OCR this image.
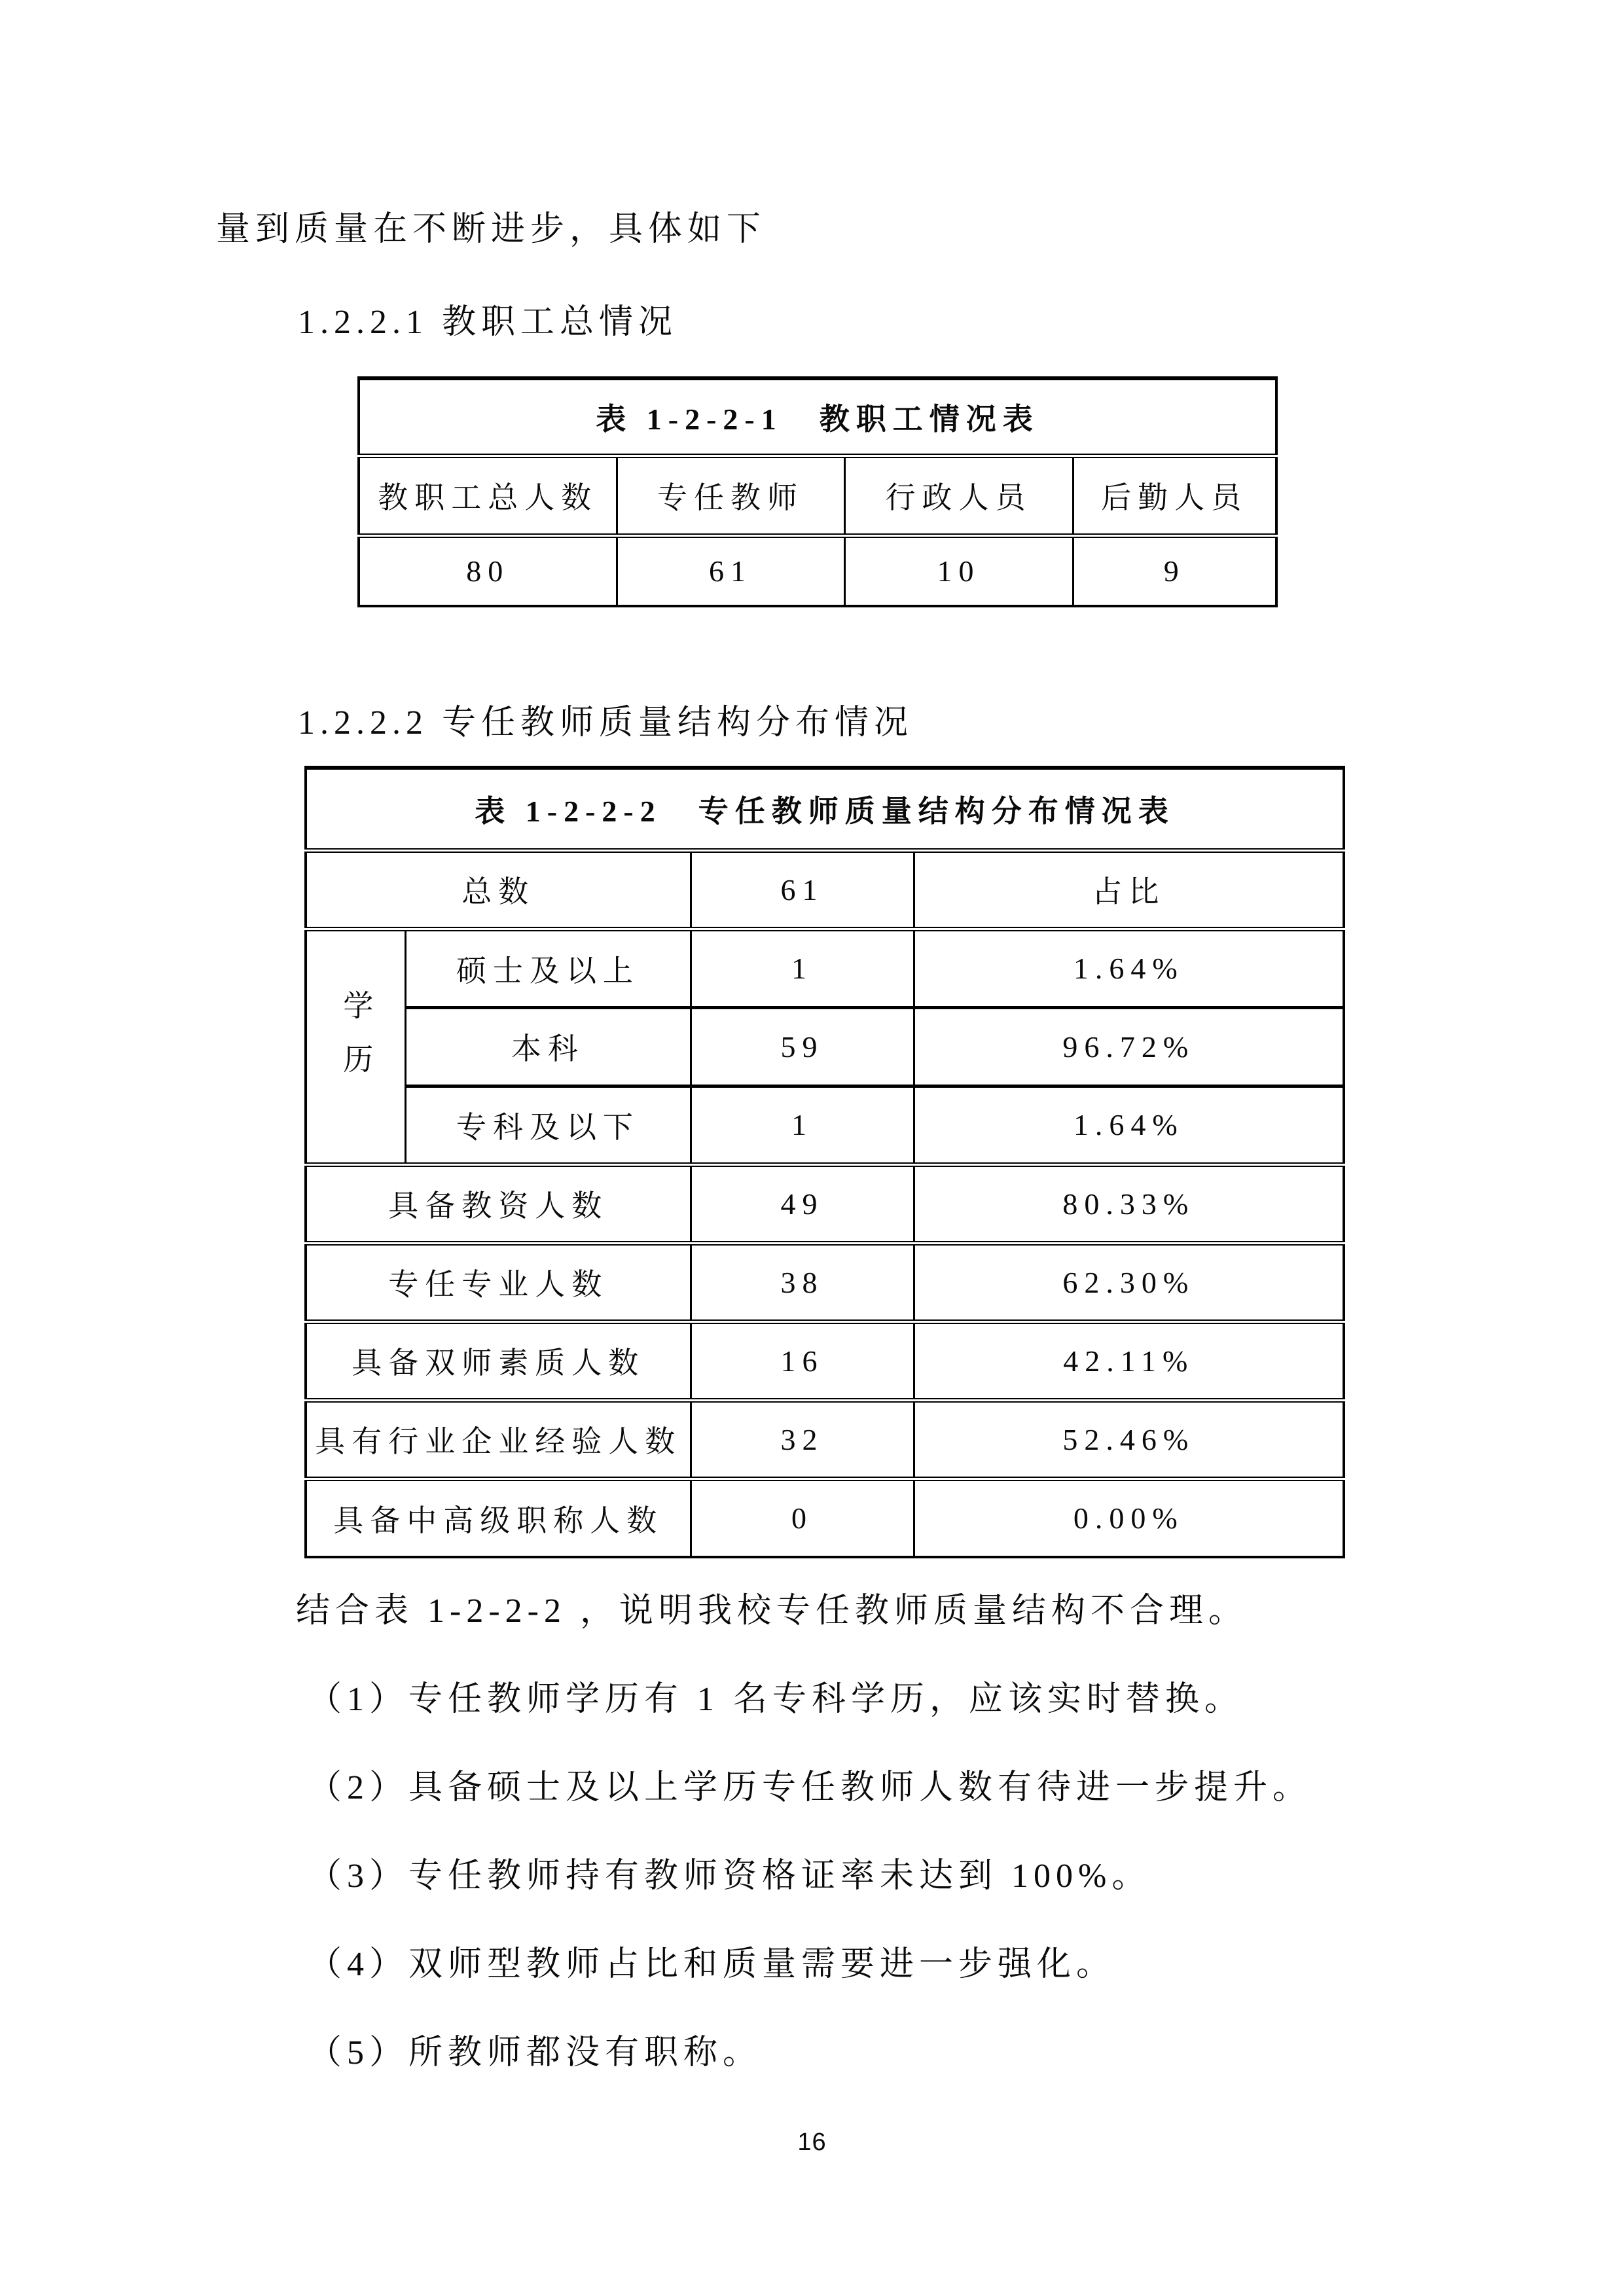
量到质量在不断进步，具体如下
1.2.2.1 教职工总情况
表 1-2-2-1　教职工情况表			
教职工总人数	专任教师	行政人员	后勤人员
80	61	10	9
1.2.2.2 专任教师质量结构分布情况
表 1-2-2-2　专任教师质量结构分布情况表			
总数		61	占比
学历	硕士及以上	1	1.64%
	本科	59	96.72%
	专科及以下	1	1.64%
具备教资人数		49	80.33%
专任专业人数		38	62.30%
具备双师素质人数		16	42.11%
具有行业企业经验人数		32	52.46%
具备中高级职称人数		0	0.00%
结合表 1-2-2-2 ，说明我校专任教师质量结构不合理。
（1）专任教师学历有 1 名专科学历，应该实时替换。
（2）具备硕士及以上学历专任教师人数有待进一步提升。
（3）专任教师持有教师资格证率未达到 100%。
（4）双师型教师占比和质量需要进一步强化。
（5）所教师都没有职称。
16
